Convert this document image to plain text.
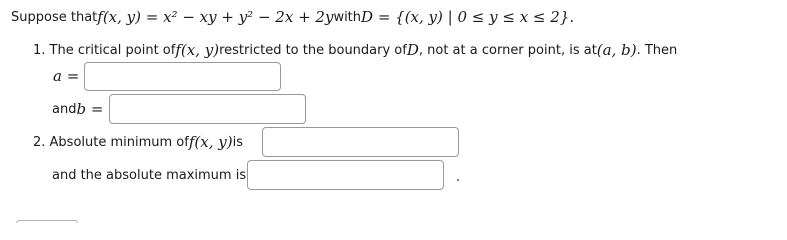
Suppose that f(x, y) = x² − xy + y² − 2x + 2y with D = {(x, y) | 0 ≤ y ≤ x ≤ 2} .
1. The critical point of f(x, y) restricted to the boundary of D , not at a corner point, is at (a, b) . Then
a =
and b =
2. Absolute minimum of f(x, y) is
and the absolute maximum is	.
